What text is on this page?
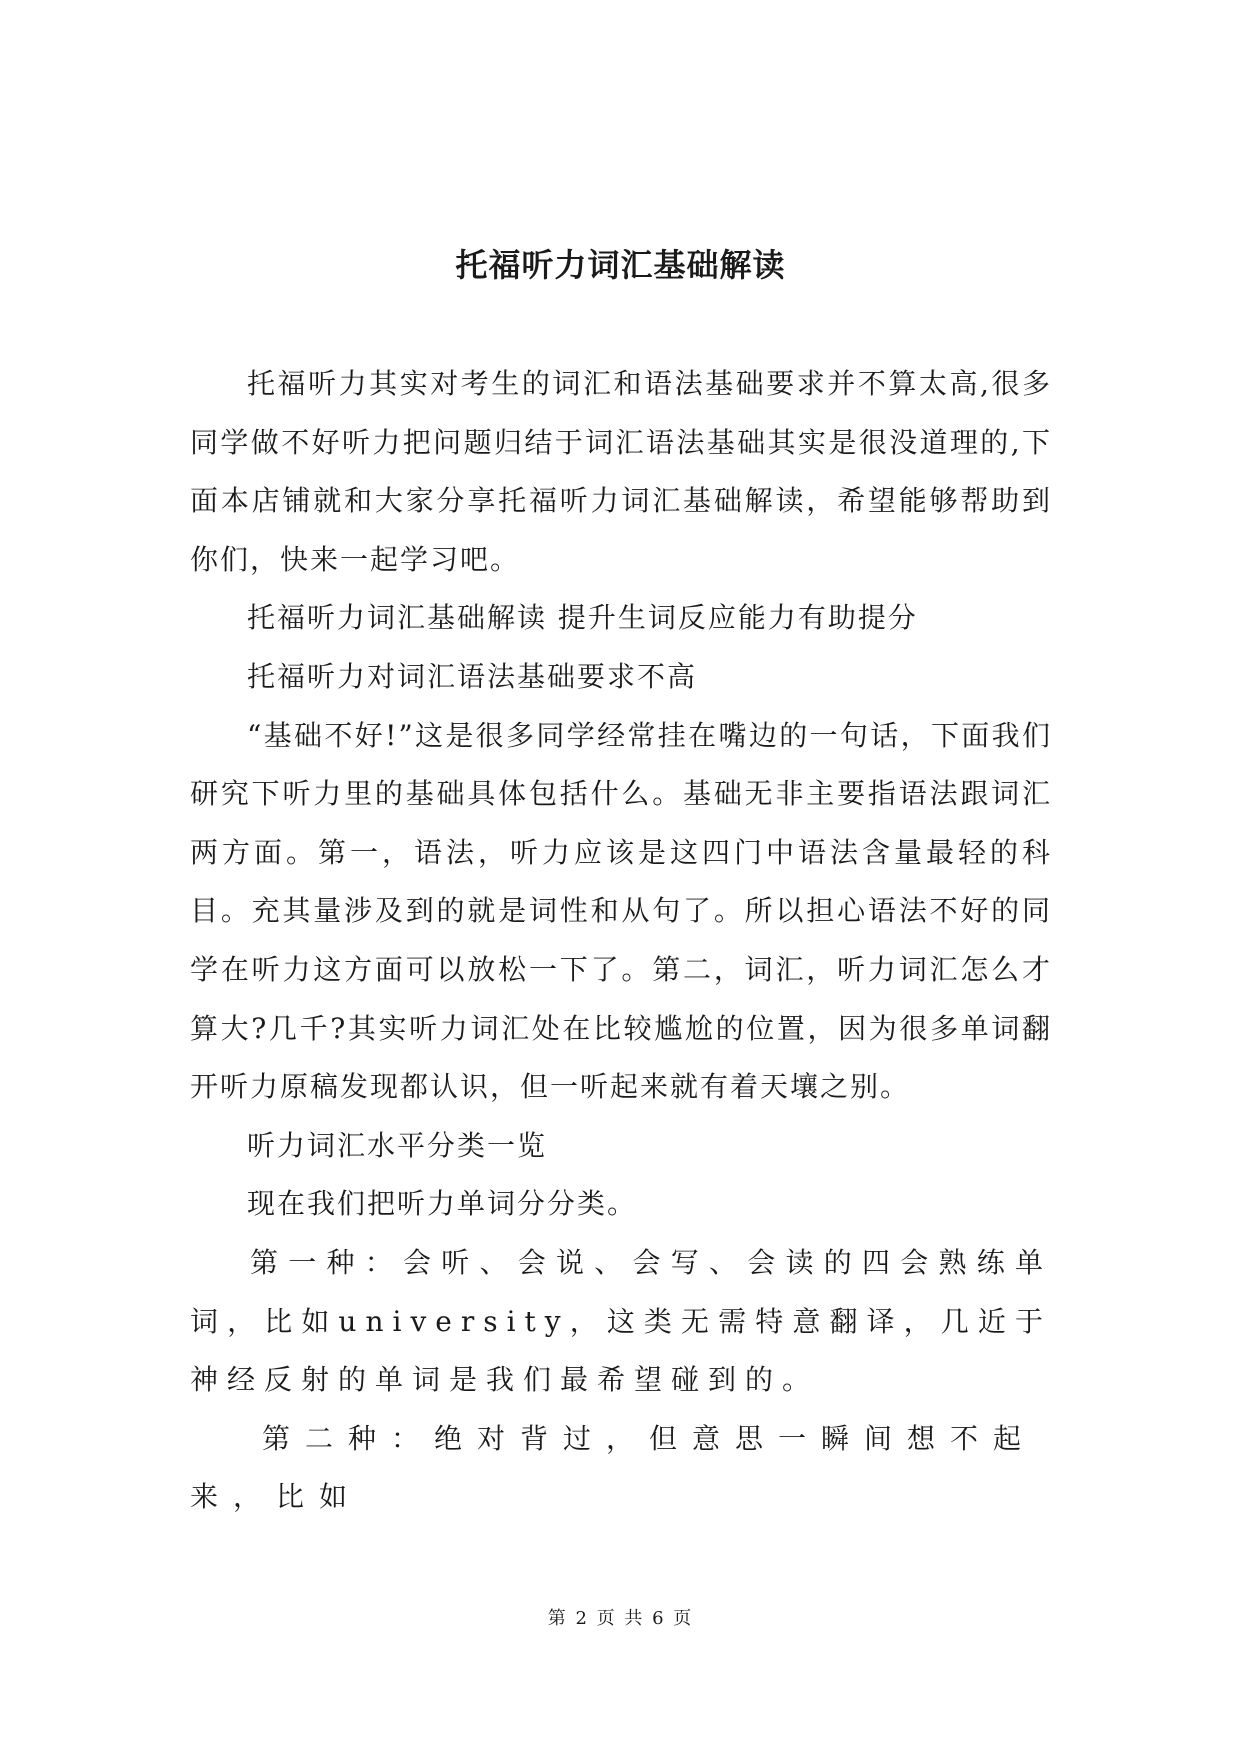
托福听力词汇基础解读

托福听力其实对考生的词汇和语法基础要求并不算太高,很多同学做不好听力把问题归结于词汇语法基础其实是很没道理的,下面本店铺就和大家分享托福听力词汇基础解读，希望能够帮助到你们，快来一起学习吧。

托福听力词汇基础解读 提升生词反应能力有助提分

托福听力对词汇语法基础要求不高

“基础不好!”这是很多同学经常挂在嘴边的一句话，下面我们研究下听力里的基础具体包括什么。基础无非主要指语法跟词汇两方面。第一，语法，听力应该是这四门中语法含量最轻的科目。充其量涉及到的就是词性和从句了。所以担心语法不好的同学在听力这方面可以放松一下了。第二，词汇，听力词汇怎么才算大?几千?其实听力词汇处在比较尴尬的位置，因为很多单词翻开听力原稿发现都认识，但一听起来就有着天壤之别。

听力词汇水平分类一览

现在我们把听力单词分分类。

第一种：会听、会说、会写、会读的四会熟练单词，比如university，这类无需特意翻译，几近于神经反射的单词是我们最希望碰到的。

第二种：绝对背过，但意思一瞬间想不起来，比如

第 2 页 共 6 页
